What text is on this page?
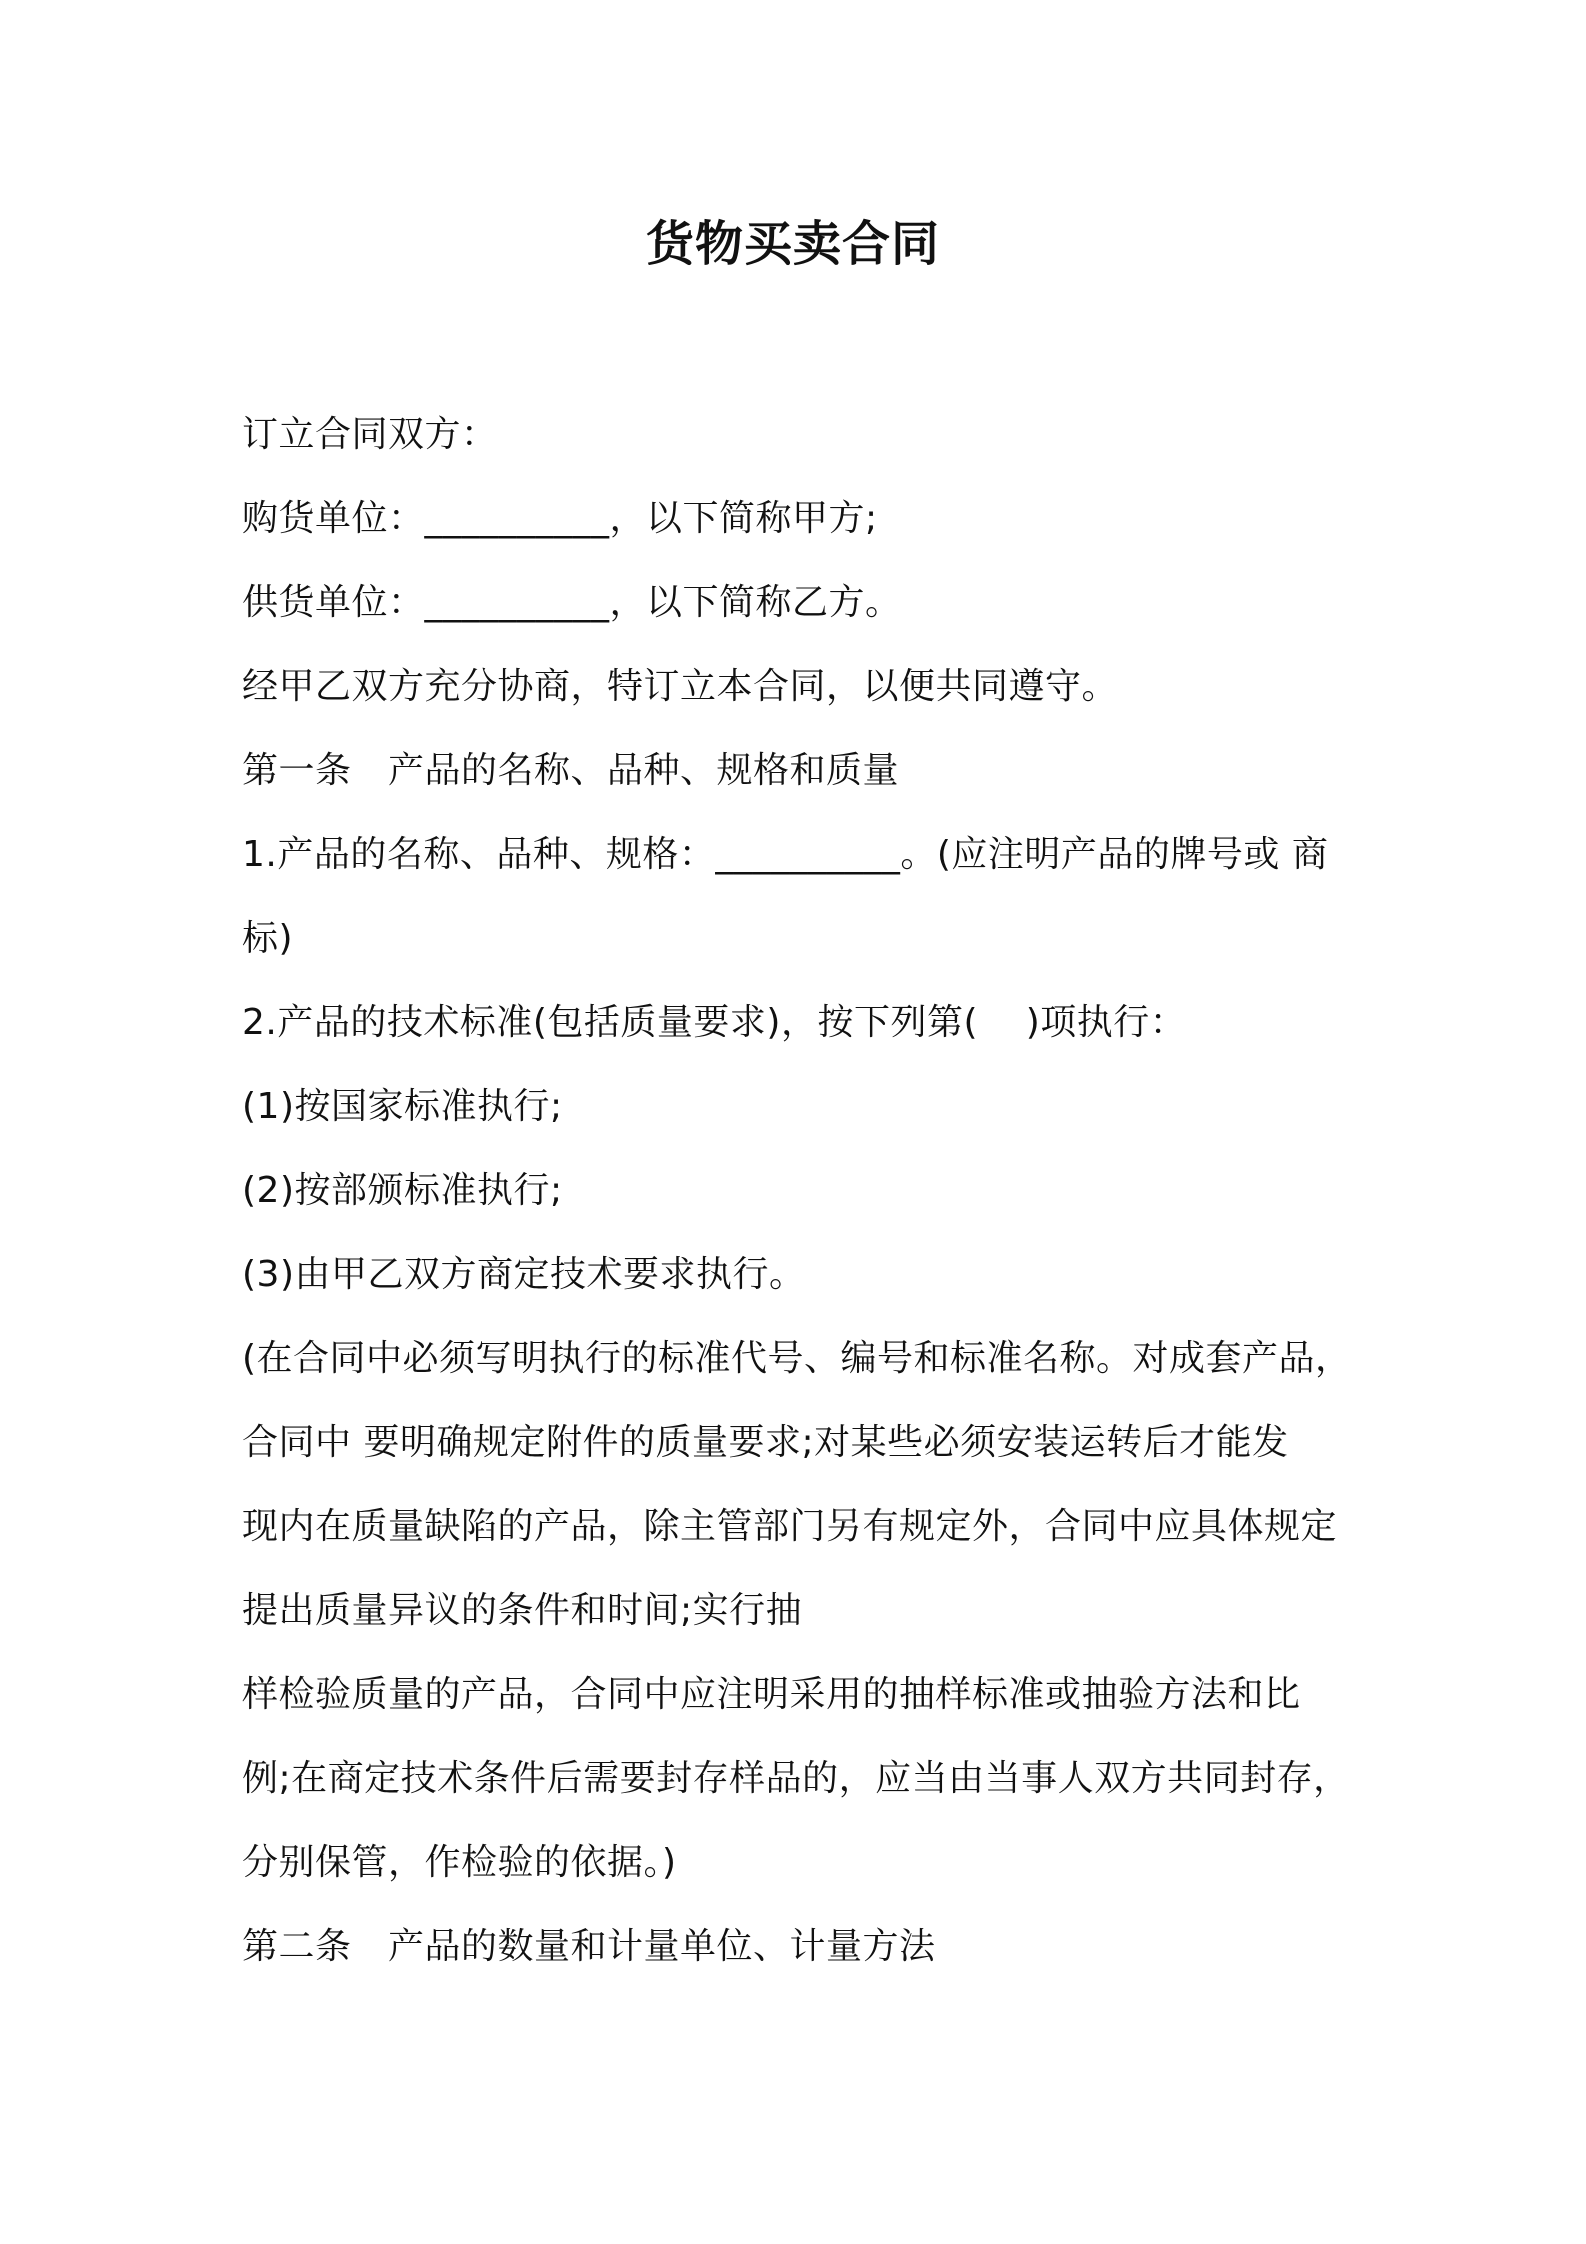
货物买卖合同
订立合同双方：
购货单位：__________，以下简称甲方;
供货单位：__________，以下简称乙方。
经甲乙双方充分协商，特订立本合同，以便共同遵守。
第一条　产品的名称、品种、规格和质量
1.产品的名称、品种、规格：__________。(应注明产品的牌号或 商
标)
2.产品的技术标准(包括质量要求)，按下列第(    )项执行：
(1)按国家标准执行;
(2)按部颁标准执行;
(3)由甲乙双方商定技术要求执行。
(在合同中必须写明执行的标准代号、编号和标准名称。对成套产品，
合同中 要明确规定附件的质量要求;对某些必须安装运转后才能发
现内在质量缺陷的产品，除主管部门另有规定外，合同中应具体规定
提出质量异议的条件和时间;实行抽
样检验质量的产品，合同中应注明采用的抽样标准或抽验方法和比
例;在商定技术条件后需要封存样品的，应当由当事人双方共同封存，
分别保管，作检验的依据。)
第二条　产品的数量和计量单位、计量方法
